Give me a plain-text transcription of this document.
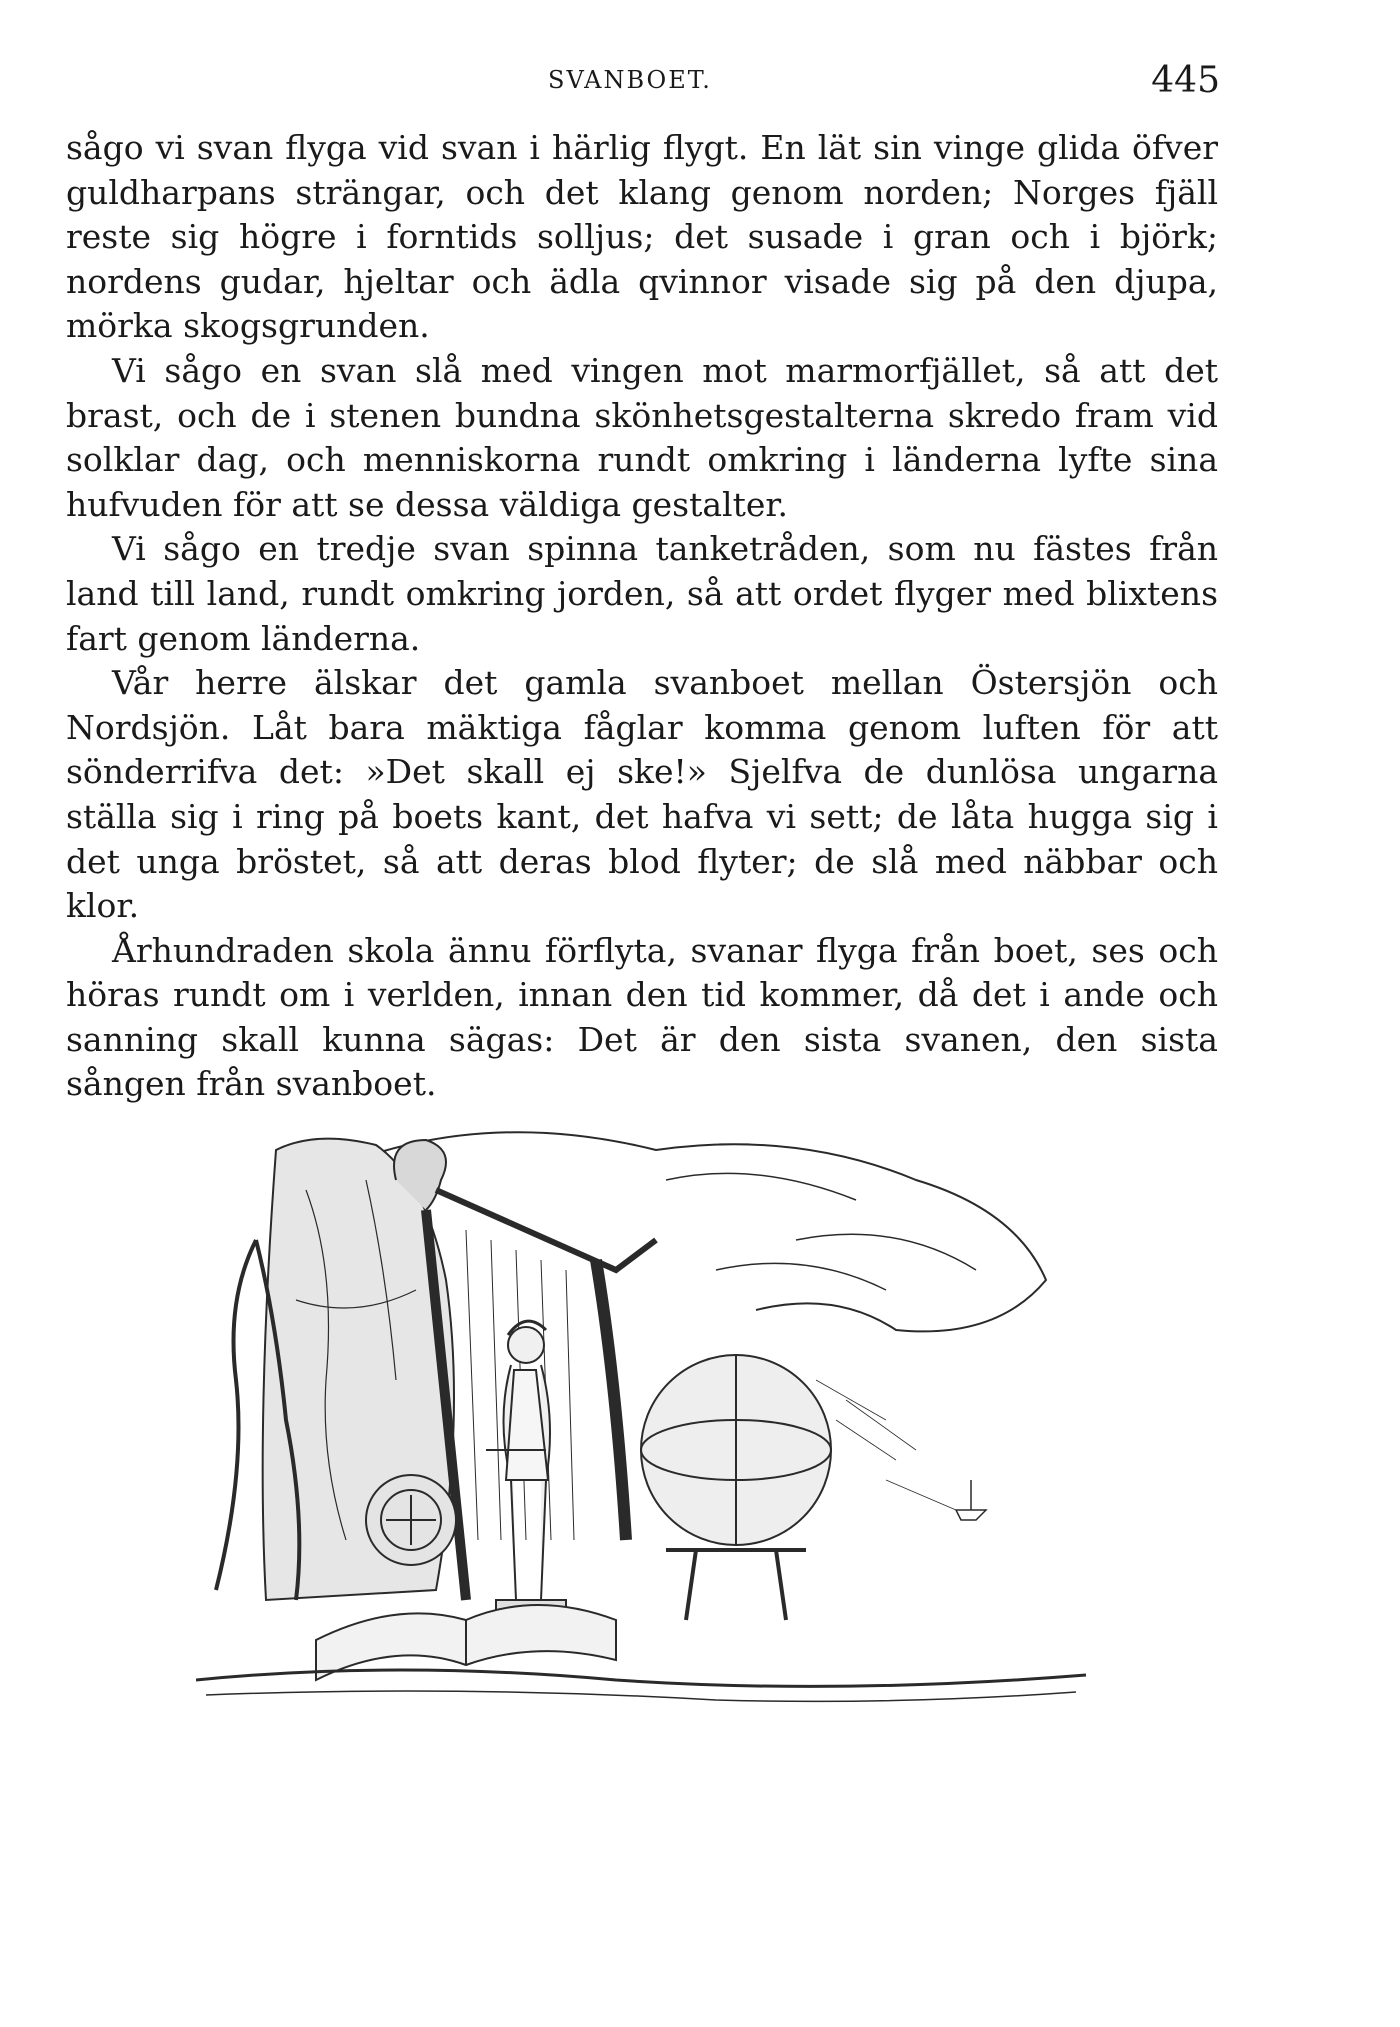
SVANBOET.	445

sågo vi svan flyga vid svan i härlig flygt. En lät sin vinge glida öfver guldharpans strängar, och det klang genom norden; Norges fjäll reste sig högre i forntids solljus; det susade i gran och i björk; nordens gudar, hjeltar och ädla qvinnor visade sig på den djupa, mörka skogsgrunden.

Vi sågo en svan slå med vingen mot marmorfjället, så att det brast, och de i stenen bundna skönhetsgestalterna skredo fram vid solklar dag, och menniskorna rundt omkring i länderna lyfte sina hufvuden för att se dessa väldiga gestalter.

Vi sågo en tredje svan spinna tanketråden, som nu fästes från land till land, rundt omkring jorden, så att ordet flyger med blixtens fart genom länderna.

Vår herre älskar det gamla svanboet mellan Östersjön och Nordsjön. Låt bara mäktiga fåglar komma genom luften för att sönderrifva det: »Det skall ej ske!» Sjelfva de dunlösa ungarna ställa sig i ring på boets kant, det hafva vi sett; de låta hugga sig i det unga bröstet, så att deras blod flyter; de slå med näbbar och klor.

Århundraden skola ännu förflyta, svanar flyga från boet, ses och höras rundt om i verlden, innan den tid kommer, då det i ande och sanning skall kunna sägas: Det är den sista svanen, den sista sången från svanboet.
